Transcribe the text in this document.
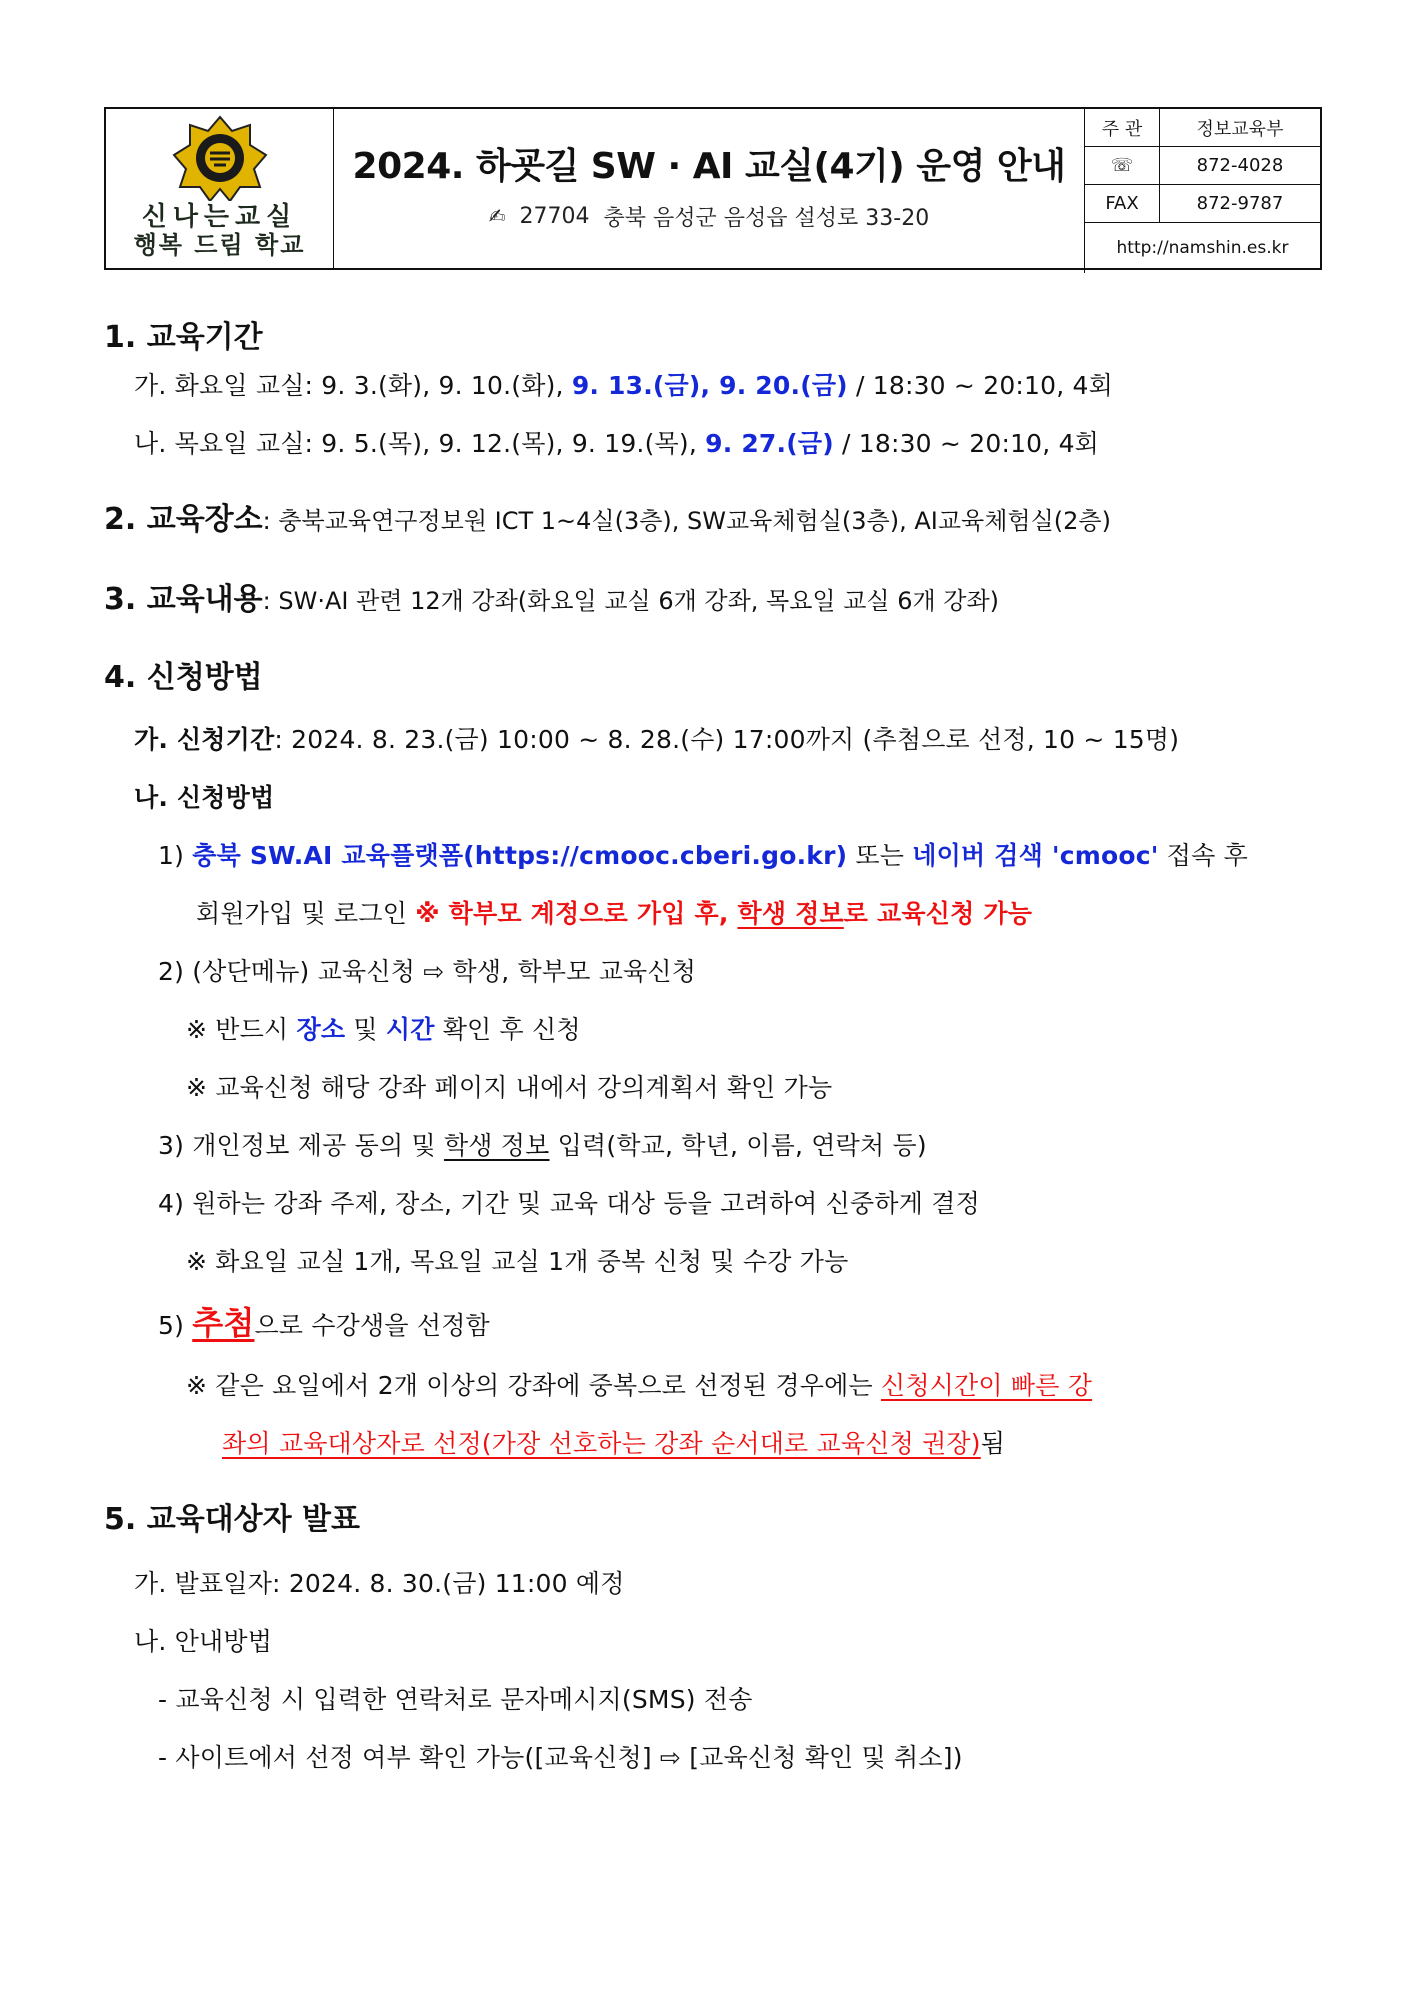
신나는교실
행복 드림 학교
2024. 하굣길 SW · AI 교실(4기) 운영 안내
✍ 27704 충북 음성군 음성읍 설성로 33-20
주 관	정보교육부
☏	872-4028
FAX	872-9787
http://namshin.es.kr	
1. 교육기간
가. 화요일 교실: 9. 3.(화), 9. 10.(화), 9. 13.(금), 9. 20.(금) / 18:30 ~ 20:10, 4회
나. 목요일 교실: 9. 5.(목), 9. 12.(목), 9. 19.(목), 9. 27.(금) / 18:30 ~ 20:10, 4회
2. 교육장소: 충북교육연구정보원 ICT 1~4실(3층), SW교육체험실(3층), AI교육체험실(2층)
3. 교육내용: SW·AI 관련 12개 강좌(화요일 교실 6개 강좌, 목요일 교실 6개 강좌)
4. 신청방법
가. 신청기간: 2024. 8. 23.(금) 10:00 ~ 8. 28.(수) 17:00까지 (추첨으로 선정, 10 ~ 15명)
나. 신청방법
1) 충북 SW.AI 교육플랫폼(https://cmooc.cberi.go.kr) 또는 네이버 검색 'cmooc' 접속 후
회원가입 및 로그인 ※ 학부모 계정으로 가입 후, 학생 정보로 교육신청 가능
2) (상단메뉴) 교육신청 ⇨ 학생, 학부모 교육신청
※ 반드시 장소 및 시간 확인 후 신청
※ 교육신청 해당 강좌 페이지 내에서 강의계획서 확인 가능
3) 개인정보 제공 동의 및 학생 정보 입력(학교, 학년, 이름, 연락처 등)
4) 원하는 강좌 주제, 장소, 기간 및 교육 대상 등을 고려하여 신중하게 결정
※ 화요일 교실 1개, 목요일 교실 1개 중복 신청 및 수강 가능
5) 추첨으로 수강생을 선정함
※ 같은 요일에서 2개 이상의 강좌에 중복으로 선정된 경우에는 신청시간이 빠른 강
좌의 교육대상자로 선정(가장 선호하는 강좌 순서대로 교육신청 권장)됨
5. 교육대상자 발표
가. 발표일자: 2024. 8. 30.(금) 11:00 예정
나. 안내방법
- 교육신청 시 입력한 연락처로 문자메시지(SMS) 전송
- 사이트에서 선정 여부 확인 가능([교육신청] ⇨ [교육신청 확인 및 취소])
